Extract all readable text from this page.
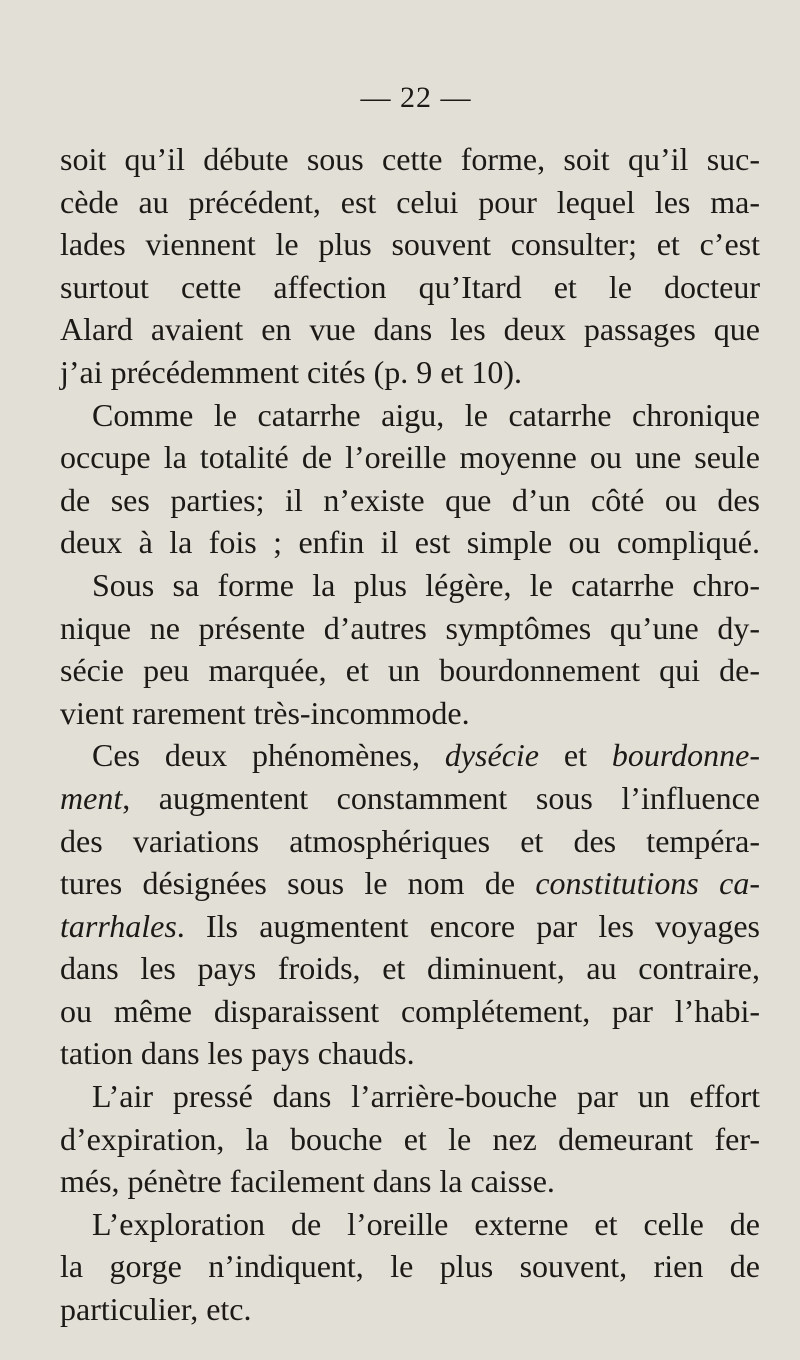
— 22 —
soit qu’il débute sous cette forme, soit qu’il suc-
cède au précédent, est celui pour lequel les ma-
lades viennent le plus souvent consulter; et c’est
surtout cette affection qu’Itard et le docteur
Alard avaient en vue dans les deux passages que
j’ai précédemment cités (p. 9 et 10).
Comme le catarrhe aigu, le catarrhe chronique
occupe la totalité de l’oreille moyenne ou une seule
de ses parties; il n’existe que d’un côté ou des
deux à la fois ; enfin il est simple ou compliqué.
Sous sa forme la plus légère, le catarrhe chro-
nique ne présente d’autres symptômes qu’une dy-
sécie peu marquée, et un bourdonnement qui de-
vient rarement très-incommode.
Ces deux phénomènes, dysécie et bourdonne-
ment, augmentent constamment sous l’influence
des variations atmosphériques et des tempéra-
tures désignées sous le nom de constitutions ca-
tarrhales. Ils augmentent encore par les voyages
dans les pays froids, et diminuent, au contraire,
ou même disparaissent complétement, par l’habi-
tation dans les pays chauds.
L’air pressé dans l’arrière-bouche par un effort
d’expiration, la bouche et le nez demeurant fer-
més, pénètre facilement dans la caisse.
L’exploration de l’oreille externe et celle de
la gorge n’indiquent, le plus souvent, rien de
particulier, etc.
